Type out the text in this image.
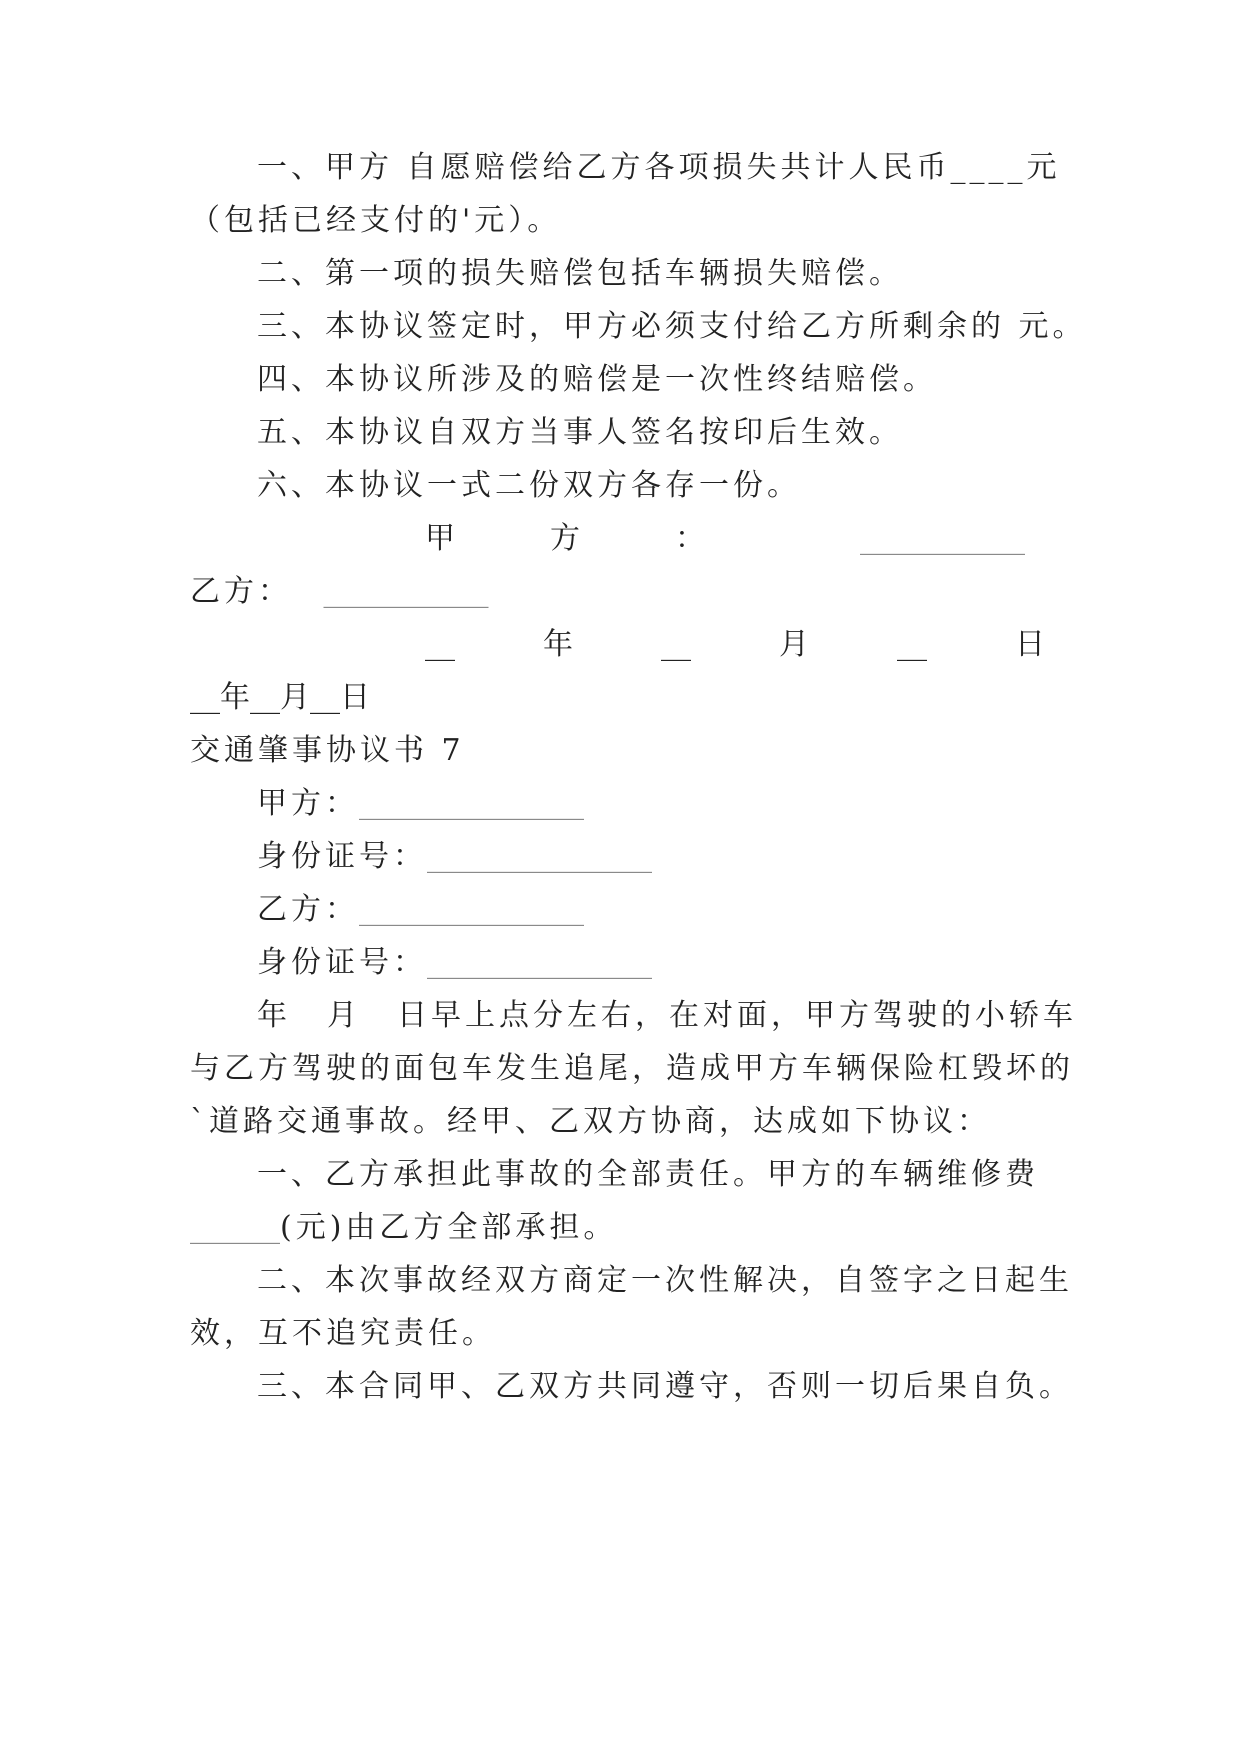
一、甲方 自愿赔偿给乙方各项损失共计人民币____元
（包括已经支付的'元）。
二、第一项的损失赔偿包括车辆损失赔偿。
三、本协议签定时，甲方必须支付给乙方所剩余的 元。
四、本协议所涉及的赔偿是一次性终结赔偿。
五、本协议自双方当事人签名按印后生效。
六、本协议一式二份双方各存一份。
甲	方	：	___________
乙方： ___________
__	年	__	月	__	日
__年__月__日
交通肇事协议书 7
甲方：_______________
身份证号：_______________
乙方：_______________
身份证号：_______________
年 月 日早上点分左右，在对面，甲方驾驶的小轿车
与乙方驾驶的面包车发生追尾，造成甲方车辆保险杠毁坏的
`道路交通事故。经甲、乙双方协商，达成如下协议：
一、乙方承担此事故的全部责任。甲方的车辆维修费
______(元)由乙方全部承担。
二、本次事故经双方商定一次性解决，自签字之日起生
效，互不追究责任。
三、本合同甲、乙双方共同遵守，否则一切后果自负。
